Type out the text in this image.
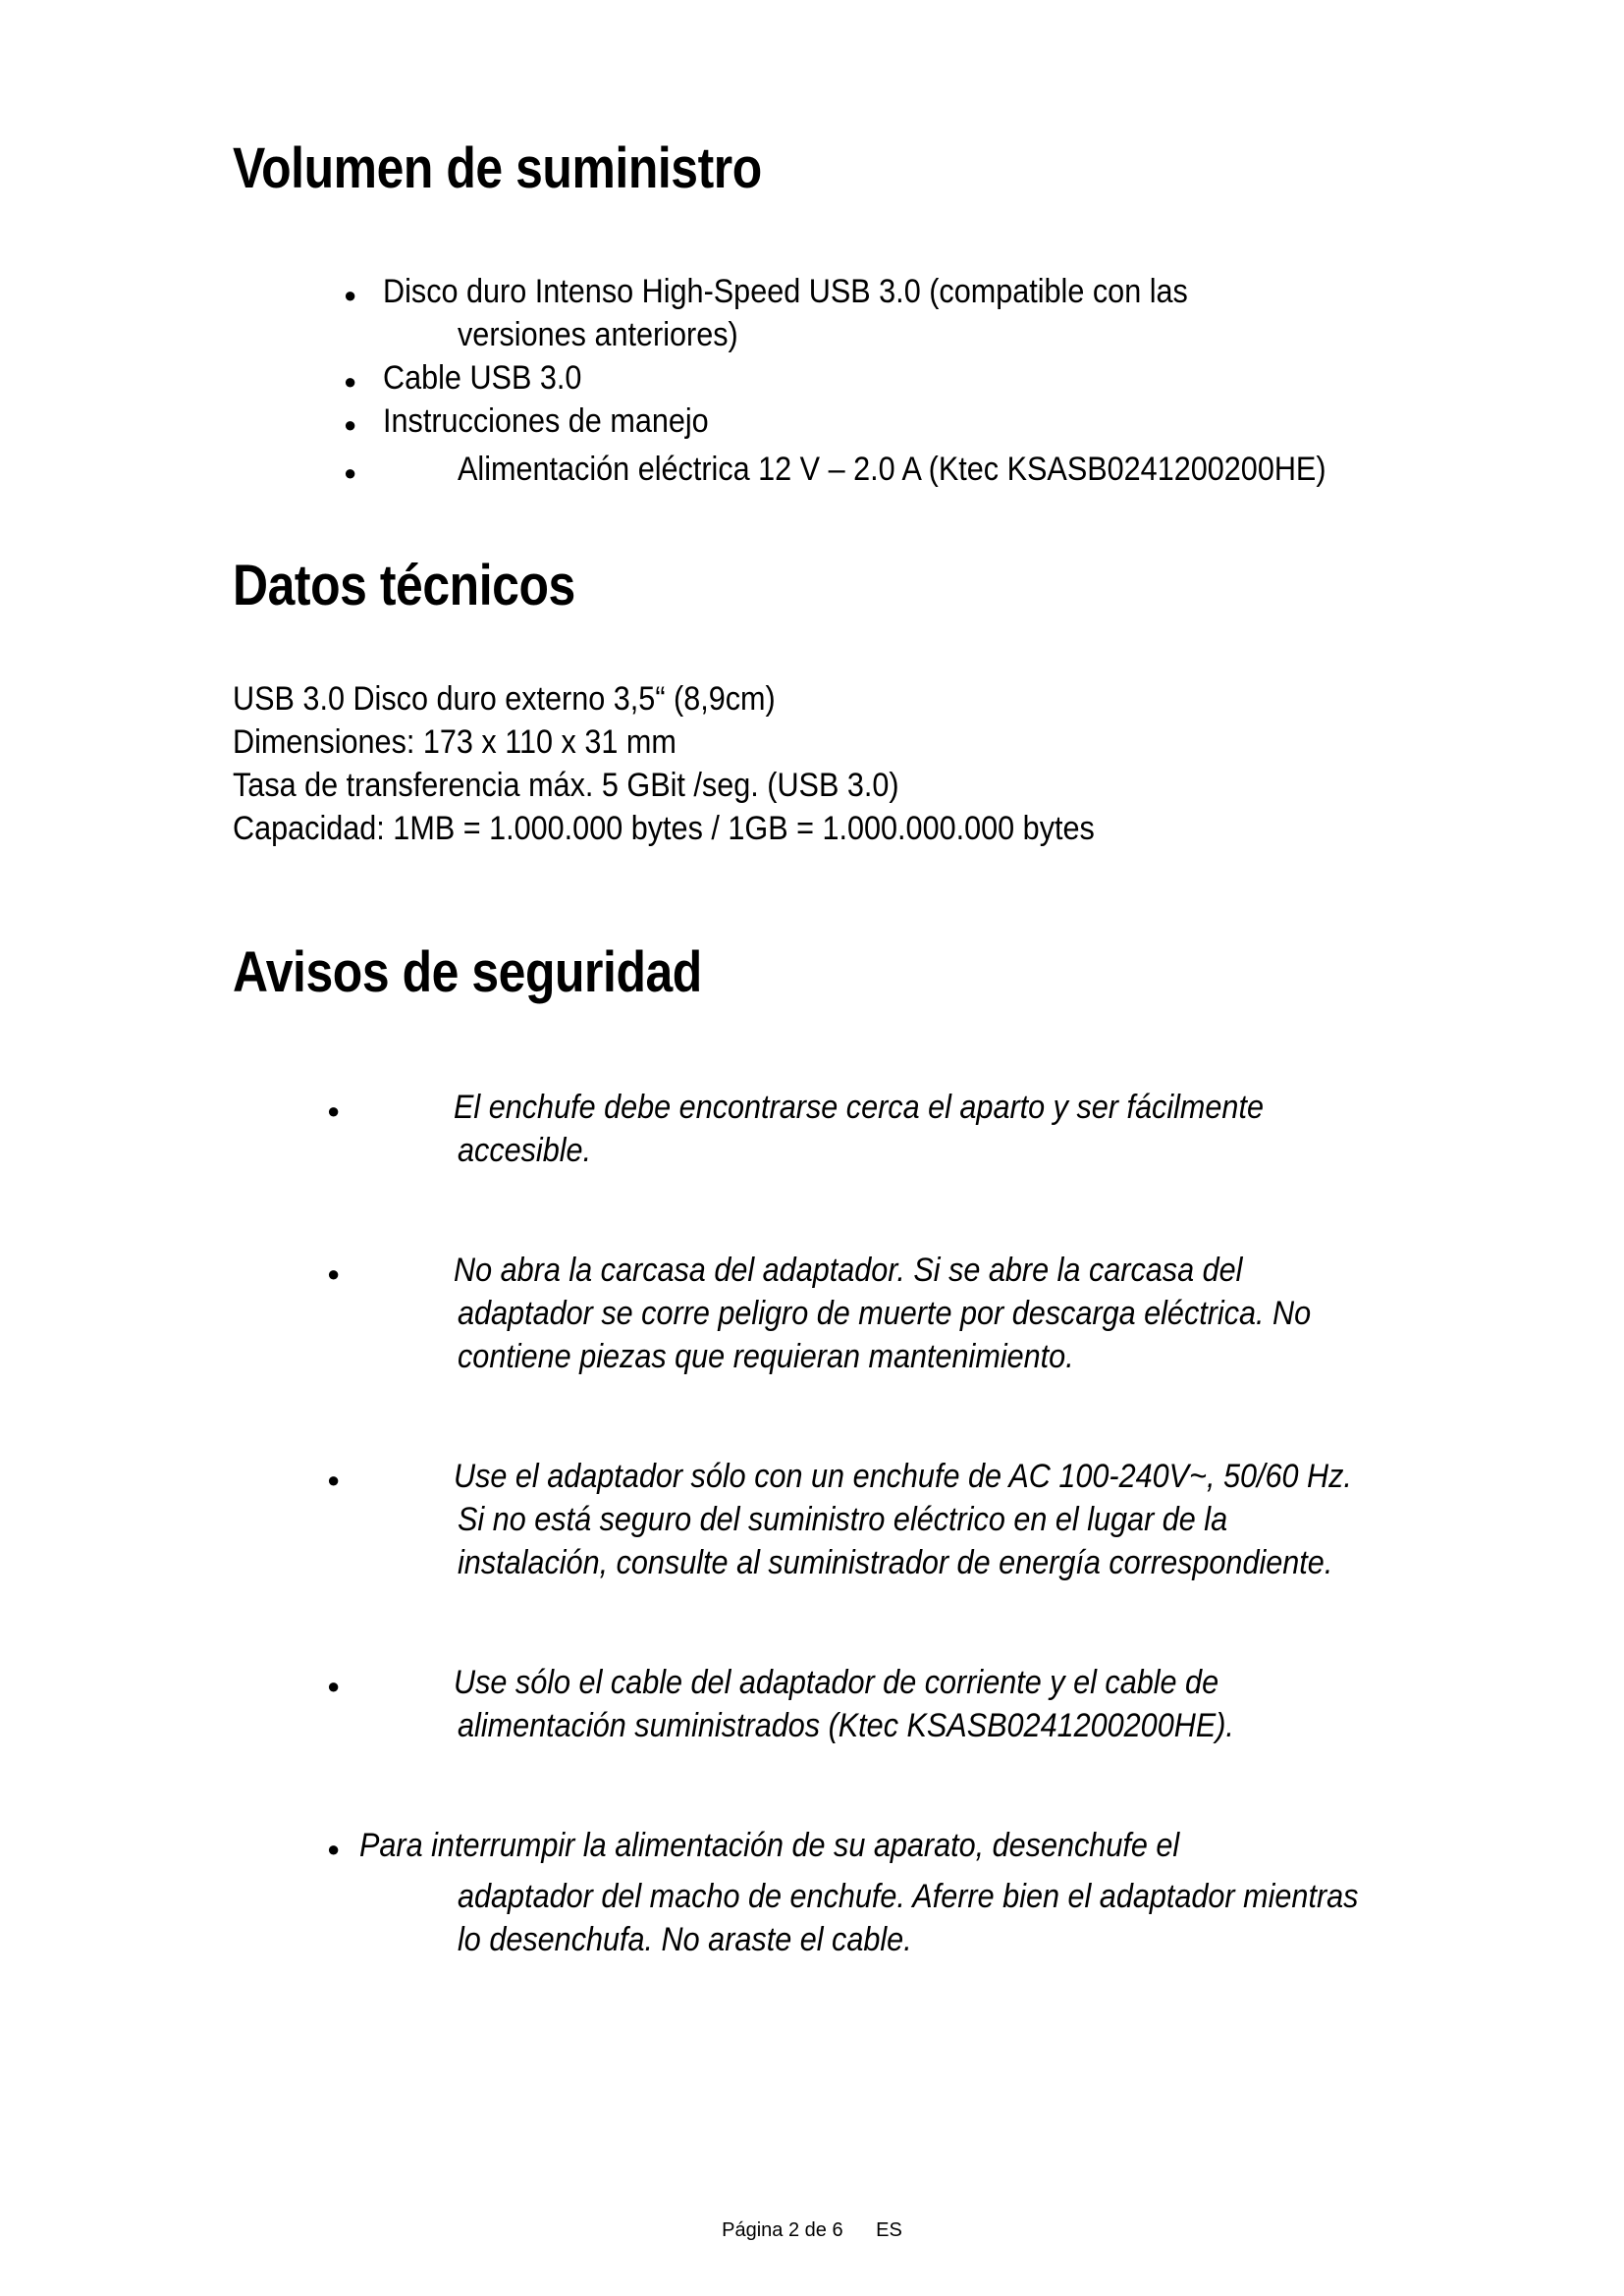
Volumen de suministro
● Disco duro Intenso High-Speed USB 3.0 (compatible con las
versiones anteriores)
● Cable USB 3.0
● Instrucciones de manejo
●	Alimentación eléctrica 12 V – 2.0 A (Ktec KSASB0241200200HE)
Datos técnicos
USB 3.0 Disco duro externo 3,5“ (8,9cm)
Dimensiones: 173 x 110 x 31 mm
Tasa de transferencia máx. 5 GBit /seg. (USB 3.0)
Capacidad: 1MB = 1.000.000 bytes / 1GB = 1.000.000.000 bytes
Avisos de seguridad
●	El enchufe debe encontrarse cerca el aparto y ser fácilmente
accesible.
●	No abra la carcasa del adaptador. Si se abre la carcasa del
adaptador se corre peligro de muerte por descarga eléctrica. No
contiene piezas que requieran mantenimiento.
●	Use el adaptador sólo con un enchufe de AC 100-240V~, 50/60 Hz.
Si no está seguro del suministro eléctrico en el lugar de la
instalación, consulte al suministrador de energía correspondiente.
●	Use sólo el cable del adaptador de corriente y el cable de
alimentación suministrados (Ktec KSASB0241200200HE).
● Para interrumpir la alimentación de su aparato, desenchufe el
adaptador del macho de enchufe. Aferre bien el adaptador mientras
lo desenchufa. No araste el cable.
Página 2 de 6 ES
